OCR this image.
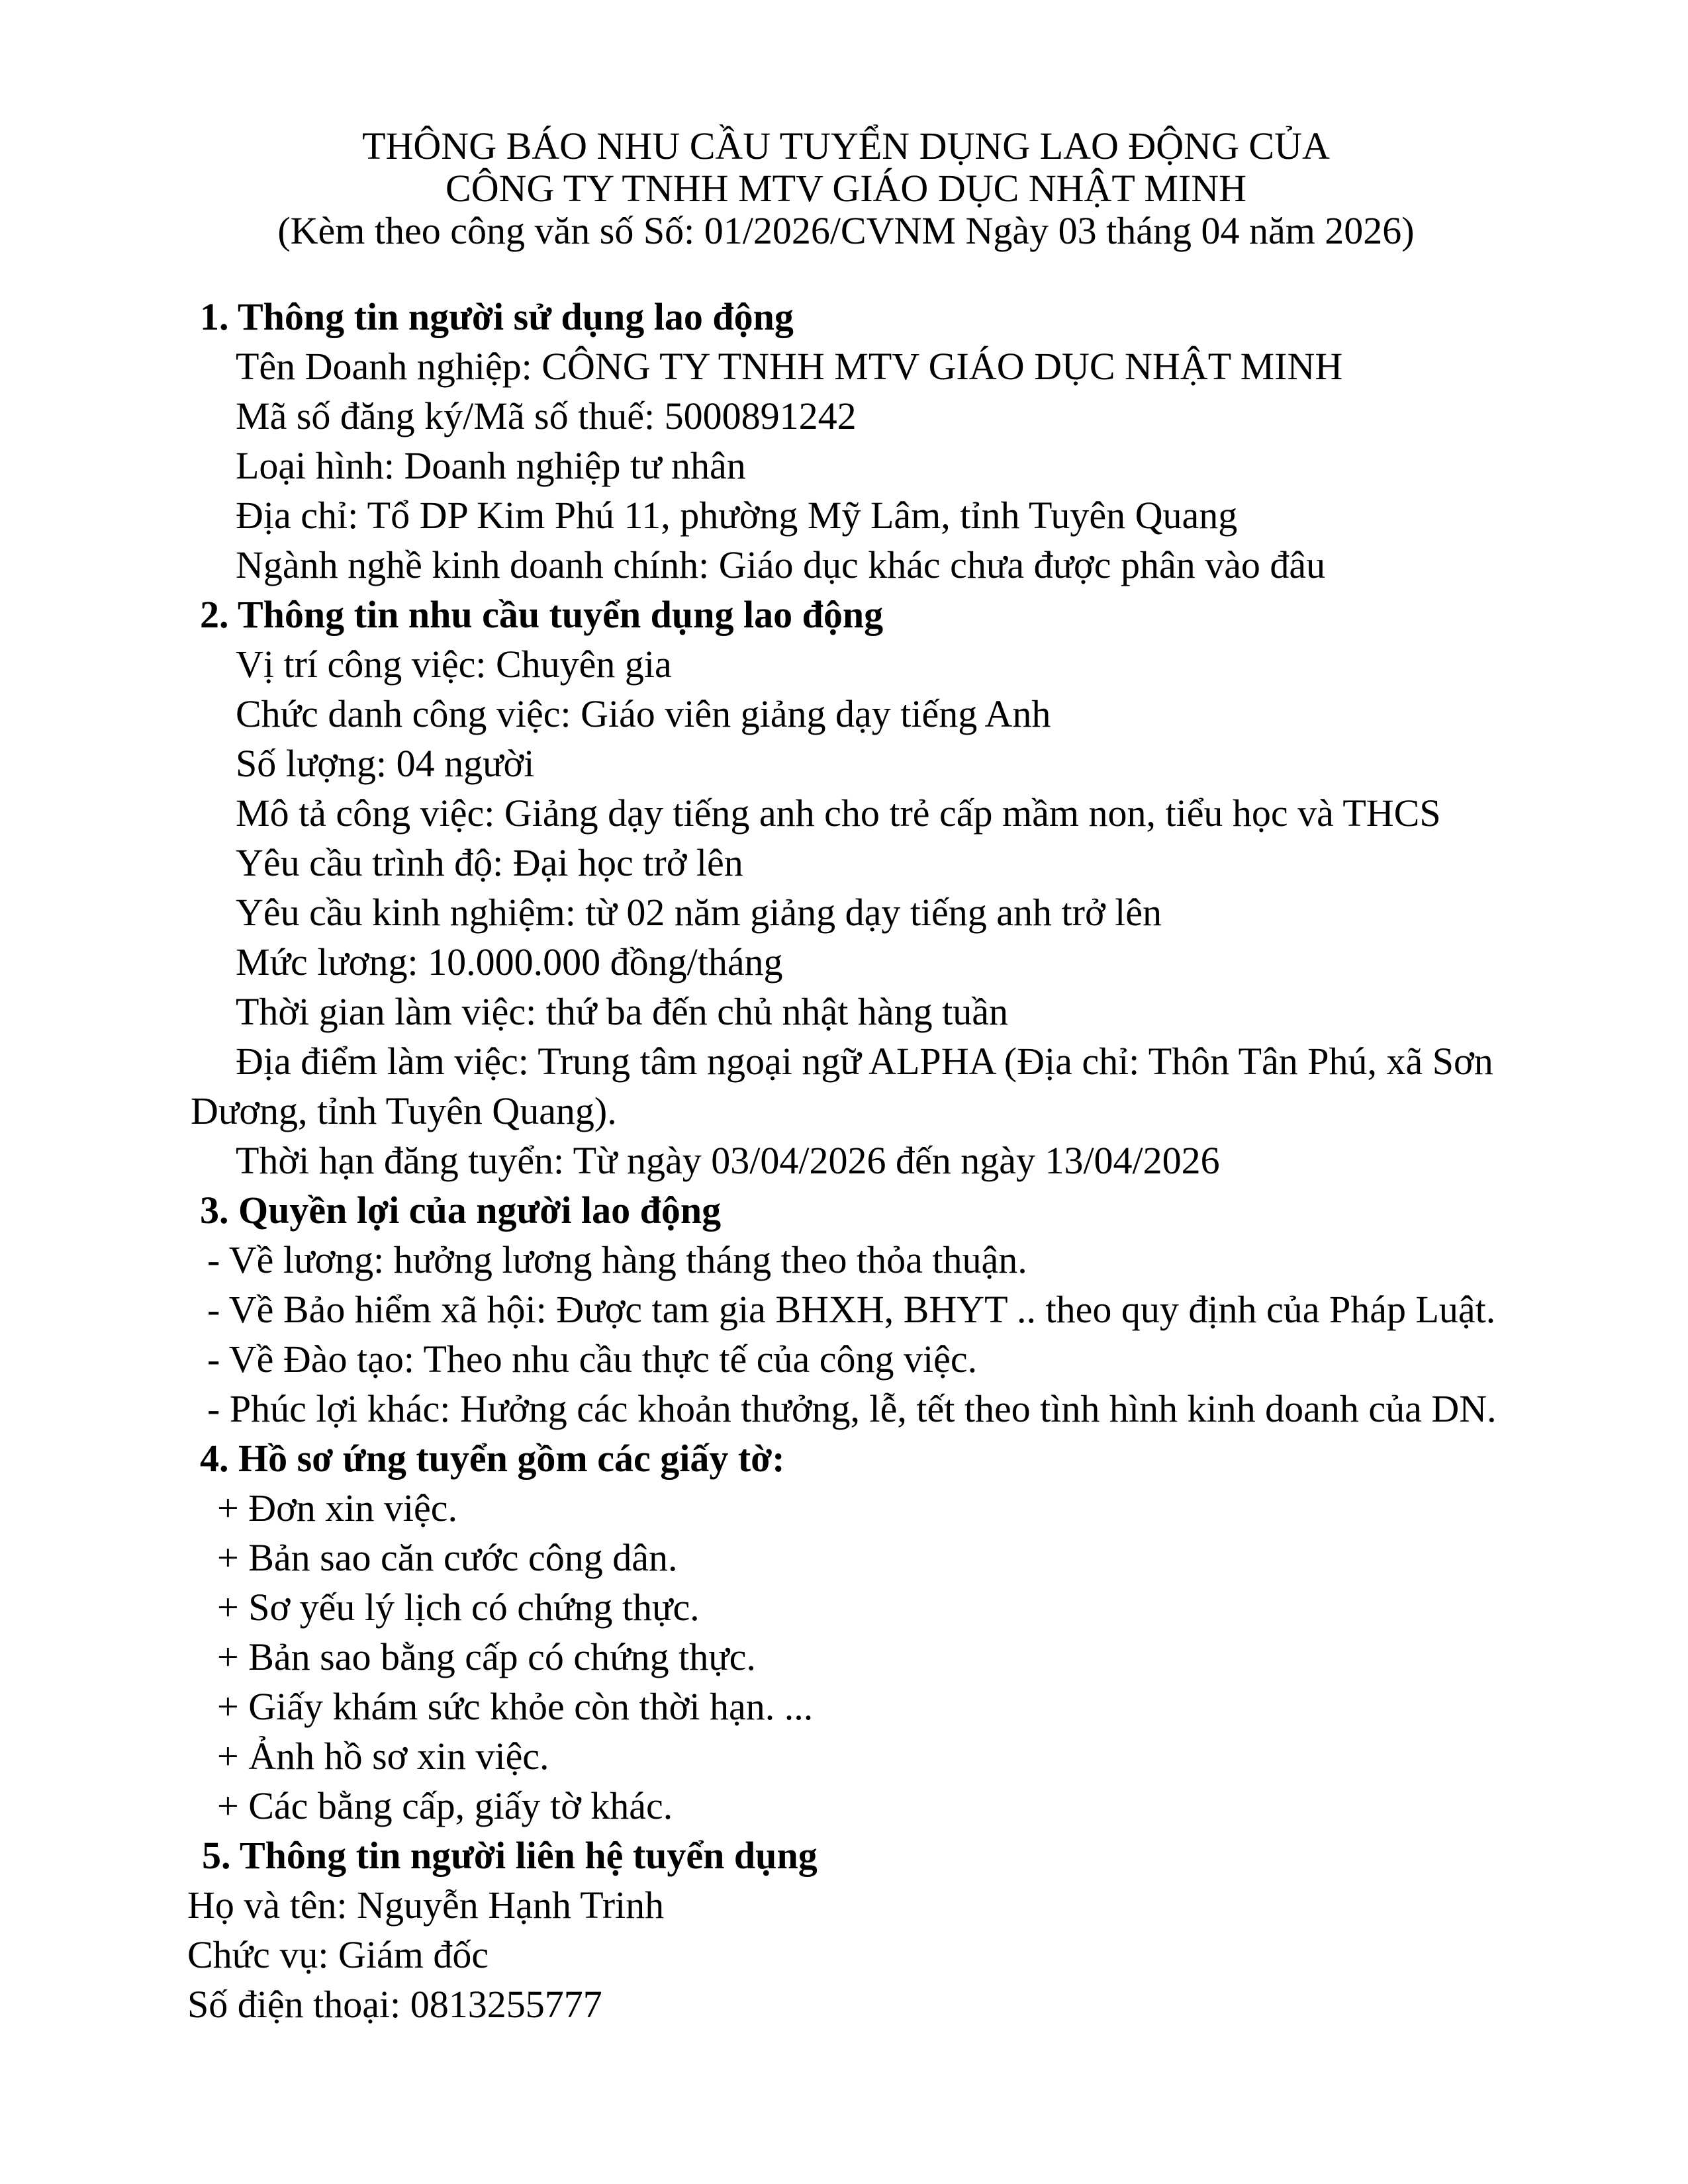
THÔNG BÁO NHU CẦU TUYỂN DỤNG LAO ĐỘNG CỦA
CÔNG TY TNHH MTV GIÁO DỤC NHẬT MINH
(Kèm theo công văn số Số: 01/2026/CVNM Ngày 03 tháng 04 năm 2026)
1. Thông tin người sử dụng lao động
Tên Doanh nghiệp: CÔNG TY TNHH MTV GIÁO DỤC NHẬT MINH
Mã số đăng ký/Mã số thuế: 5000891242
Loại hình: Doanh nghiệp tư nhân
Địa chỉ: Tổ DP Kim Phú 11, phường Mỹ Lâm, tỉnh Tuyên Quang
Ngành nghề kinh doanh chính: Giáo dục khác chưa được phân vào đâu
2. Thông tin nhu cầu tuyển dụng lao động
Vị trí công việc: Chuyên gia
Chức danh công việc: Giáo viên giảng dạy tiếng Anh
Số lượng: 04 người
Mô tả công việc: Giảng dạy tiếng anh cho trẻ cấp mầm non, tiểu học và THCS
Yêu cầu trình độ: Đại học trở lên
Yêu cầu kinh nghiệm: từ 02 năm giảng dạy tiếng anh trở lên
Mức lương: 10.000.000 đồng/tháng
Thời gian làm việc: thứ ba đến chủ nhật hàng tuần
Địa điểm làm việc: Trung tâm ngoại ngữ ALPHA (Địa chỉ: Thôn Tân Phú, xã Sơn
Dương, tỉnh Tuyên Quang).
Thời hạn đăng tuyển: Từ ngày 03/04/2026 đến ngày 13/04/2026
3. Quyền lợi của người lao động
- Về lương: hưởng lương hàng tháng theo thỏa thuận.
- Về Bảo hiểm xã hội: Được tam gia BHXH, BHYT .. theo quy định của Pháp Luật.
- Về Đào tạo: Theo nhu cầu thực tế của công việc.
- Phúc lợi khác: Hưởng các khoản thưởng, lễ, tết theo tình hình kinh doanh của DN.
4. Hồ sơ ứng tuyển gồm các giấy tờ:
+ Đơn xin việc.
+ Bản sao căn cước công dân.
+ Sơ yếu lý lịch có chứng thực.
+ Bản sao bằng cấp có chứng thực.
+ Giấy khám sức khỏe còn thời hạn. ...
+ Ảnh hồ sơ xin việc.
+ Các bằng cấp, giấy tờ khác.
5. Thông tin người liên hệ tuyển dụng
Họ và tên: Nguyễn Hạnh Trinh
Chức vụ: Giám đốc
Số điện thoại: 0813255777
